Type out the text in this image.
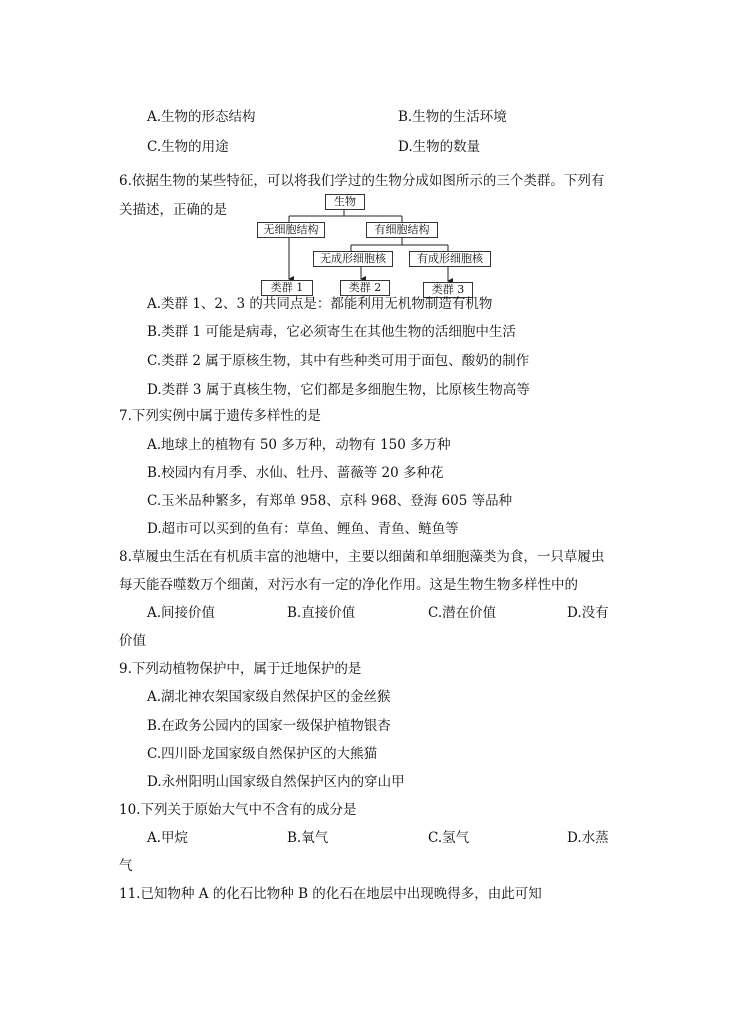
A.生物的形态结构	B.生物的生活环境
C.生物的用途	D.生物的数量
6.依据生物的某些特征，可以将我们学过的生物分成如图所示的三个类群。下列有
关描述，正确的是
生物
无细胞结构	有细胞结构
无成形细胞核	有成形细胞核
类群 1	类群 2	类群 3
A.类群 1、2、3 的共同点是：都能利用无机物制造有机物
B.类群 1 可能是病毒，它必须寄生在其他生物的活细胞中生活
C.类群 2 属于原核生物，其中有些种类可用于面包、酸奶的制作
D.类群 3 属于真核生物，它们都是多细胞生物，比原核生物高等
7.下列实例中属于遗传多样性的是
A.地球上的植物有 50 多万种，动物有 150 多万种
B.校园内有月季、水仙、牡丹、蔷薇等 20 多种花
C.玉米品种繁多，有郑单 958、京科 968、登海 605 等品种
D.超市可以买到的鱼有：草鱼、鲤鱼、青鱼、鲢鱼等
8.草履虫生活在有机质丰富的池塘中，主要以细菌和单细胞藻类为食，一只草履虫
每天能吞噬数万个细菌，对污水有一定的净化作用。这是生物生物多样性中的
A.间接价值	B.直接价值	C.潜在价值	D.没有
价值
9.下列动植物保护中，属于迁地保护的是
A.湖北神农架国家级自然保护区的金丝猴
B.在政务公园内的国家一级保护植物银杏
C.四川卧龙国家级自然保护区的大熊猫
D.永州阳明山国家级自然保护区内的穿山甲
10.下列关于原始大气中不含有的成分是
A.甲烷	B.氧气	C.氢气	D.水蒸
气
11.已知物种 A 的化石比物种 B 的化石在地层中出现晚得多，由此可知
